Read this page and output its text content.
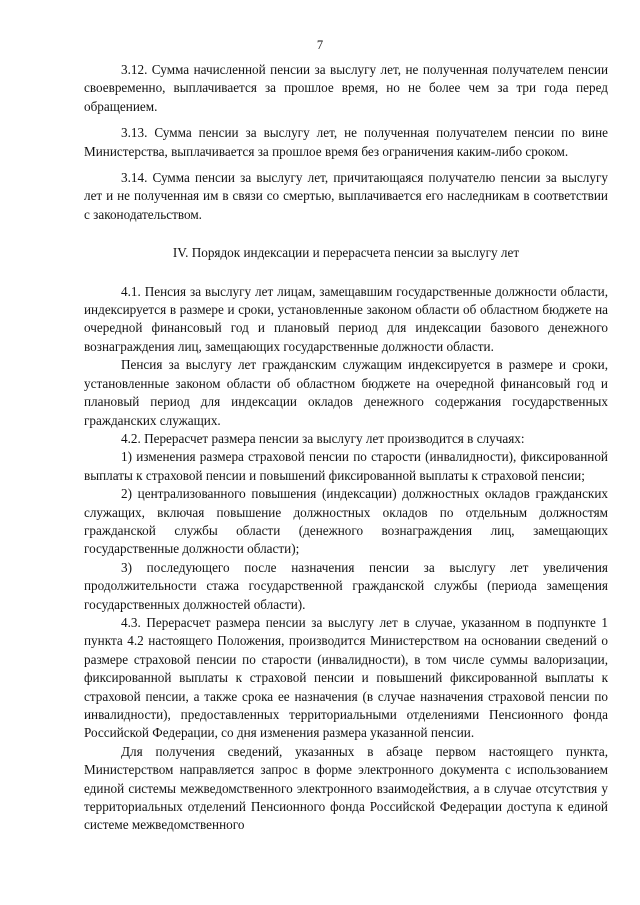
7

3.12. Сумма начисленной пенсии за выслугу лет, не полученная получателем пенсии своевременно, выплачивается за прошлое время, но не более чем за три года перед обращением.

3.13. Сумма пенсии за выслугу лет, не полученная получателем пенсии по вине Министерства, выплачивается за прошлое время без ограничения каким-либо сроком.

3.14. Сумма пенсии за выслугу лет, причитающаяся получателю пенсии за выслугу лет и не полученная им в связи со смертью, выплачивается его наследникам в соответствии с законодательством.

IV. Порядок индексации и перерасчета пенсии за выслугу лет

4.1. Пенсия за выслугу лет лицам, замещавшим государственные должности области, индексируется в размере и сроки, установленные законом области об областном бюджете на очередной финансовый год и плановый период для индексации базового денежного вознаграждения лиц, замещающих государственные должности области.

Пенсия за выслугу лет гражданским служащим индексируется в размере и сроки, установленные законом области об областном бюджете на очередной финансовый год и плановый период для индексации окладов денежного содержания государственных гражданских служащих.

4.2. Перерасчет размера пенсии за выслугу лет производится в случаях:

1) изменения размера страховой пенсии по старости (инвалидности), фиксированной выплаты к страховой пенсии и повышений фиксированной выплаты к страховой пенсии;

2) централизованного повышения (индексации) должностных окладов гражданских служащих, включая повышение должностных окладов по отдельным должностям гражданской службы области (денежного вознаграждения лиц, замещающих государственные должности области);

3) последующего после назначения пенсии за выслугу лет увеличения продолжительности стажа государственной гражданской службы (периода замещения государственных должностей области).

4.3. Перерасчет размера пенсии за выслугу лет в случае, указанном в подпункте 1 пункта 4.2 настоящего Положения, производится Министерством на основании сведений о размере страховой пенсии по старости (инвалидности), в том числе суммы валоризации, фиксированной выплаты к страховой пенсии и повышений фиксированной выплаты к страховой пенсии, а также срока ее назначения (в случае назначения страховой пенсии по инвалидности), предоставленных территориальными отделениями Пенсионного фонда Российской Федерации, со дня изменения размера указанной пенсии.

Для получения сведений, указанных в абзаце первом настоящего пункта, Министерством направляется запрос в форме электронного документа с использованием единой системы межведомственного электронного взаимодействия, а в случае отсутствия у территориальных отделений Пенсионного фонда Российской Федерации доступа к единой системе межведомственного
